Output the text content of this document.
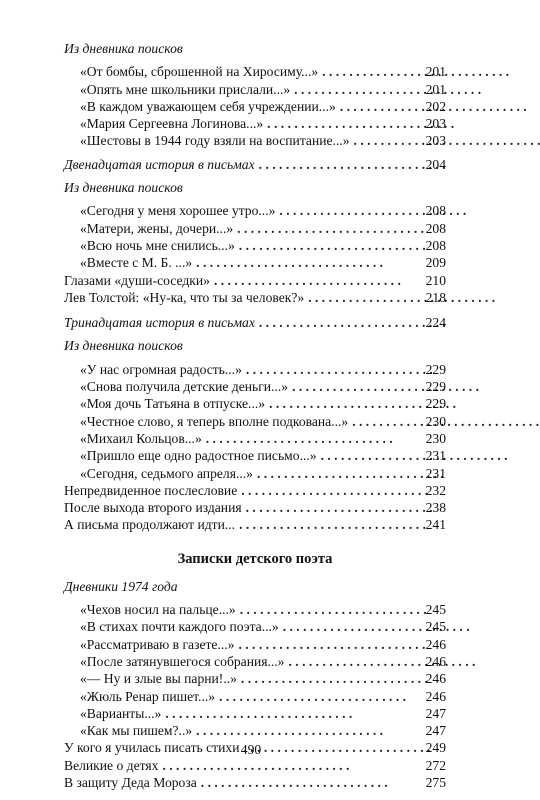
Из дневника поисков
«От бомбы, сброшенной на Хиросиму...» . .	201
«Опять мне школьники прислали...» . .	201
«В каждом уважающем себя учреждении...» . .	202
«Мария Сергеевна Логинова...» . .	203
«Шестовы в 1944 году взяли на воспитание...» . .	203
Двенадцатая история в письмах . .	204
Из дневника поисков
«Сегодня у меня хорошее утро...» . .	208
«Матери, жены, дочери...» . .	208
«Всю ночь мне снились...» . .	208
«Вместе с М. Б. ...» . .	209
Глазами «души-соседки» . .	210
Лев Толстой: «Ну-ка, что ты за человек?» . .	218
Тринадцатая история в письмах . .	224
Из дневника поисков
«У нас огромная радость...» . .	229
«Снова получила детские деньги...» . .	229
«Моя дочь Татьяна в отпуске...» . .	229
«Честное слово, я теперь вполне подкована...» . .	230
«Михаил Кольцов...» . .	230
«Пришло еще одно радостное письмо...» . .	231
«Сегодня, седьмого апреля...» . .	231
Непредвиденное послесловие . .	232
После выхода второго издания . .	238
А письма продолжают идти... . .	241
Записки детского поэта
Дневники 1974 года
«Чехов носил на пальце...» . .	245
«В стихах почти каждого поэта...» . .	245
«Рассматриваю в газете...» . .	246
«После затянувшегося собрания...» . .	246
«— Ну и злые вы парни!..» . .	246
«Жюль Ренар пишет...» . .	246
«Варианты...» . .	247
«Как мы пишем?..» . .	247
У кого я училась писать стихи . .	249
Великие о детях . .	272
В защиту Деда Мороза . .	275
490
